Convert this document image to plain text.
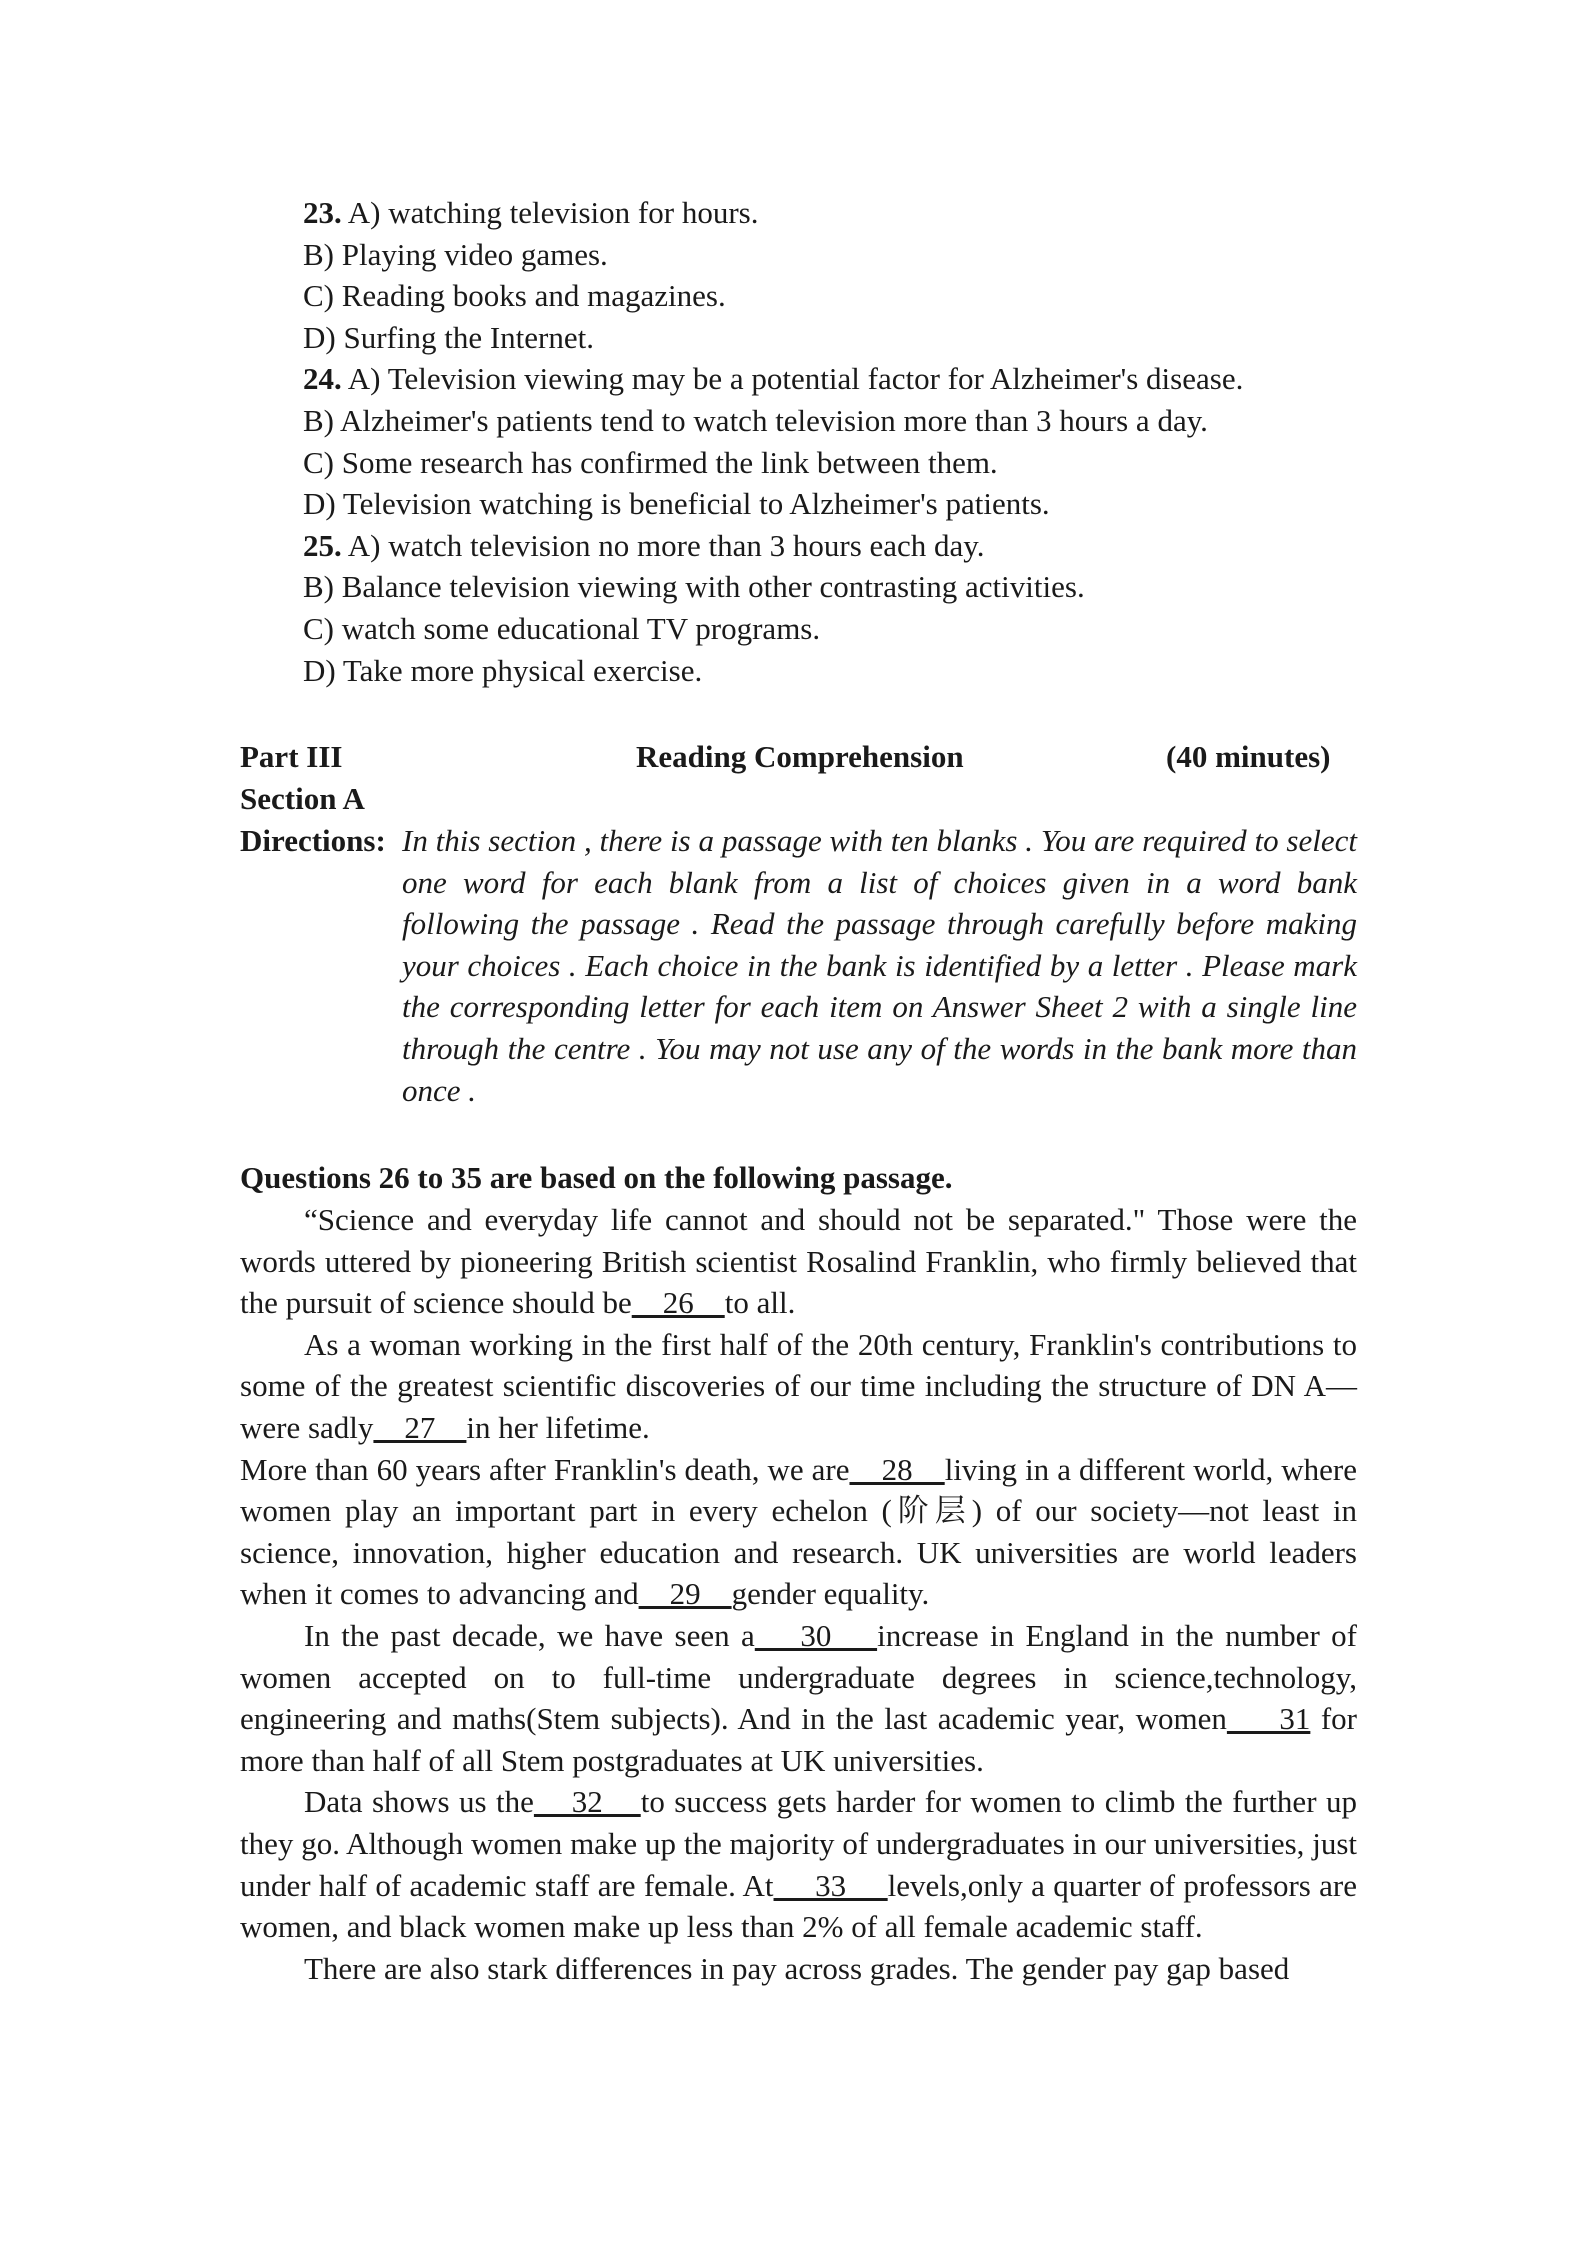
23. A) watching television for hours.
B) Playing video games.
C) Reading books and magazines.
D) Surfing the Internet.
24. A) Television viewing may be a potential factor for Alzheimer's disease.
B) Alzheimer's patients tend to watch television more than 3 hours a day.
C) Some research has confirmed the link between them.
D) Television watching is beneficial to Alzheimer's patients.
25. A) watch television no more than 3 hours each day.
B) Balance television viewing with other contrasting activities.
C) watch some educational TV programs.
D) Take more physical exercise.
Part III	Reading Comprehension	(40 minutes)
Section A
Directions: In this section , there is a passage with ten blanks . You are required to select one word for each blank from a list of choices given in a word bank following the passage . Read the passage through carefully before making your choices . Each choice in the bank is identified by a letter . Please mark the corresponding letter for each item on Answer Sheet 2 with a single line through the centre . You may not use any of the words in the bank more than once .
Questions 26 to 35 are based on the following passage.

“Science and everyday life cannot and should not be separated." Those were the words uttered by pioneering British scientist Rosalind Franklin, who firmly believed that the pursuit of science should be    26    to all.

As a woman working in the first half of the 20th century, Franklin's contributions to some of the greatest scientific discoveries of our time including the structure of DN A—were sadly    27    in her lifetime.

More than 60 years after Franklin's death, we are    28    living in a different world, where women play an important part in every echelon (阶层) of our society—not least in science, innovation, higher education and research. UK universities are world leaders when it comes to advancing and    29    gender equality.

In the past decade, we have seen a    30    increase in England in the number of women accepted on to full-time undergraduate degrees in science,technology, engineering and maths(Stem subjects). And in the last academic year, women     31 for more than half of all Stem postgraduates at UK universities.

Data shows us the    32    to success gets harder for women to climb the further up they go. Although women make up the majority of undergraduates in our universities, just under half of academic staff are female. At     33     levels,only a quarter of professors are women, and black women make up less than 2% of all female academic staff.

There are also stark differences in pay across grades. The gender pay gap based
